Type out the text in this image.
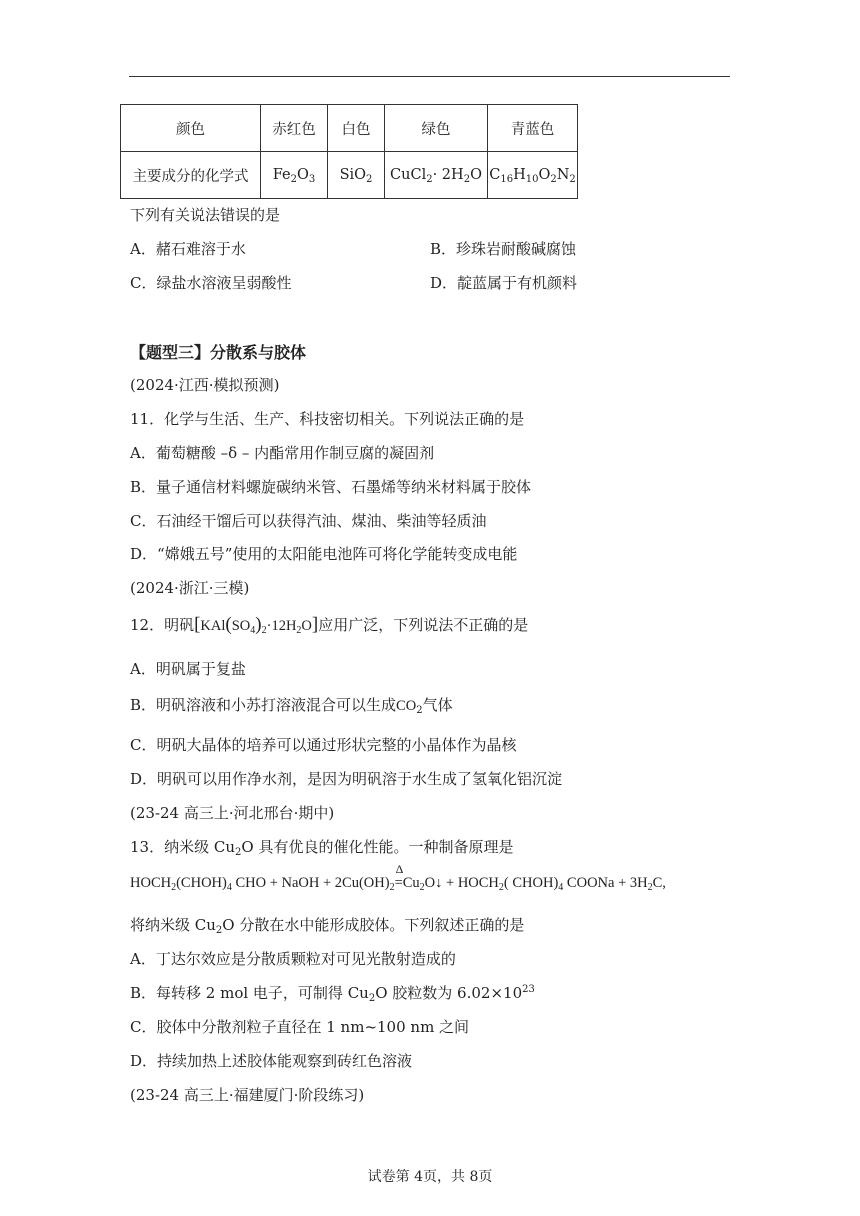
颜色	赤红色	白色	绿色	青蓝色
主要成分的化学式	$Fe_2O_3$	SiO$_2$	CuCl$_2$· $2H_2O$	$C_{16}H_{10}O_2N_2$
下列有关说法错误的是
A．赭石难溶于水	B．珍珠岩耐酸碱腐蚀
C．绿盐水溶液呈弱酸性	D．靛蓝属于有机颜料
【题型三】分散系与胶体
(2024·江西·模拟预测)
11．化学与生活、生产、科技密切相关。下列说法正确的是
A．葡萄糖酸 –δ – 内酯常用作制豆腐的凝固剂
B．量子通信材料螺旋碳纳米管、石墨烯等纳米材料属于胶体
C．石油经干馏后可以获得汽油、煤油、柴油等轻质油
D．“嫦娥五号”使用的太阳能电池阵可将化学能转变成电能
(2024·浙江·三模)
12．明矾$[KAl(SO_4)_2\cdot 12H_2O]$应用广泛，下列说法不正确的是
A．明矾属于复盐
B．明矾溶液和小苏打溶液混合可以生成$CO_2$气体
C．明矾大晶体的培养可以通过形状完整的小晶体作为晶核
D．明矾可以用作净水剂，是因为明矾溶于水生成了氢氧化铝沉淀
(23-24 高三上·河北邢台·期中)
13．纳米级 $Cu_2O$ 具有优良的催化性能。一种制备原理是
$HOCH_2(CHOH)_4$ CHO + NaOH + $2Cu(OH)_2$
Δ
$=Cu_2O↓$ + $HOCH_2$( $CHOH)_4$ COONa + $3H_2C$,
将纳米级 $Cu_2O$ 分散在水中能形成胶体。下列叙述正确的是
A．丁达尔效应是分散质颗粒对可见光散射造成的
B．每转移 2 mol 电子，可制得 $Cu_2O$ 胶粒数为 $6.02\times 10^{23}$
C．胶体中分散剂粒子直径在 1 nm~100 nm 之间
D．持续加热上述胶体能观察到砖红色溶液
(23-24 高三上·福建厦门·阶段练习)
试卷第 4页，共 8页
